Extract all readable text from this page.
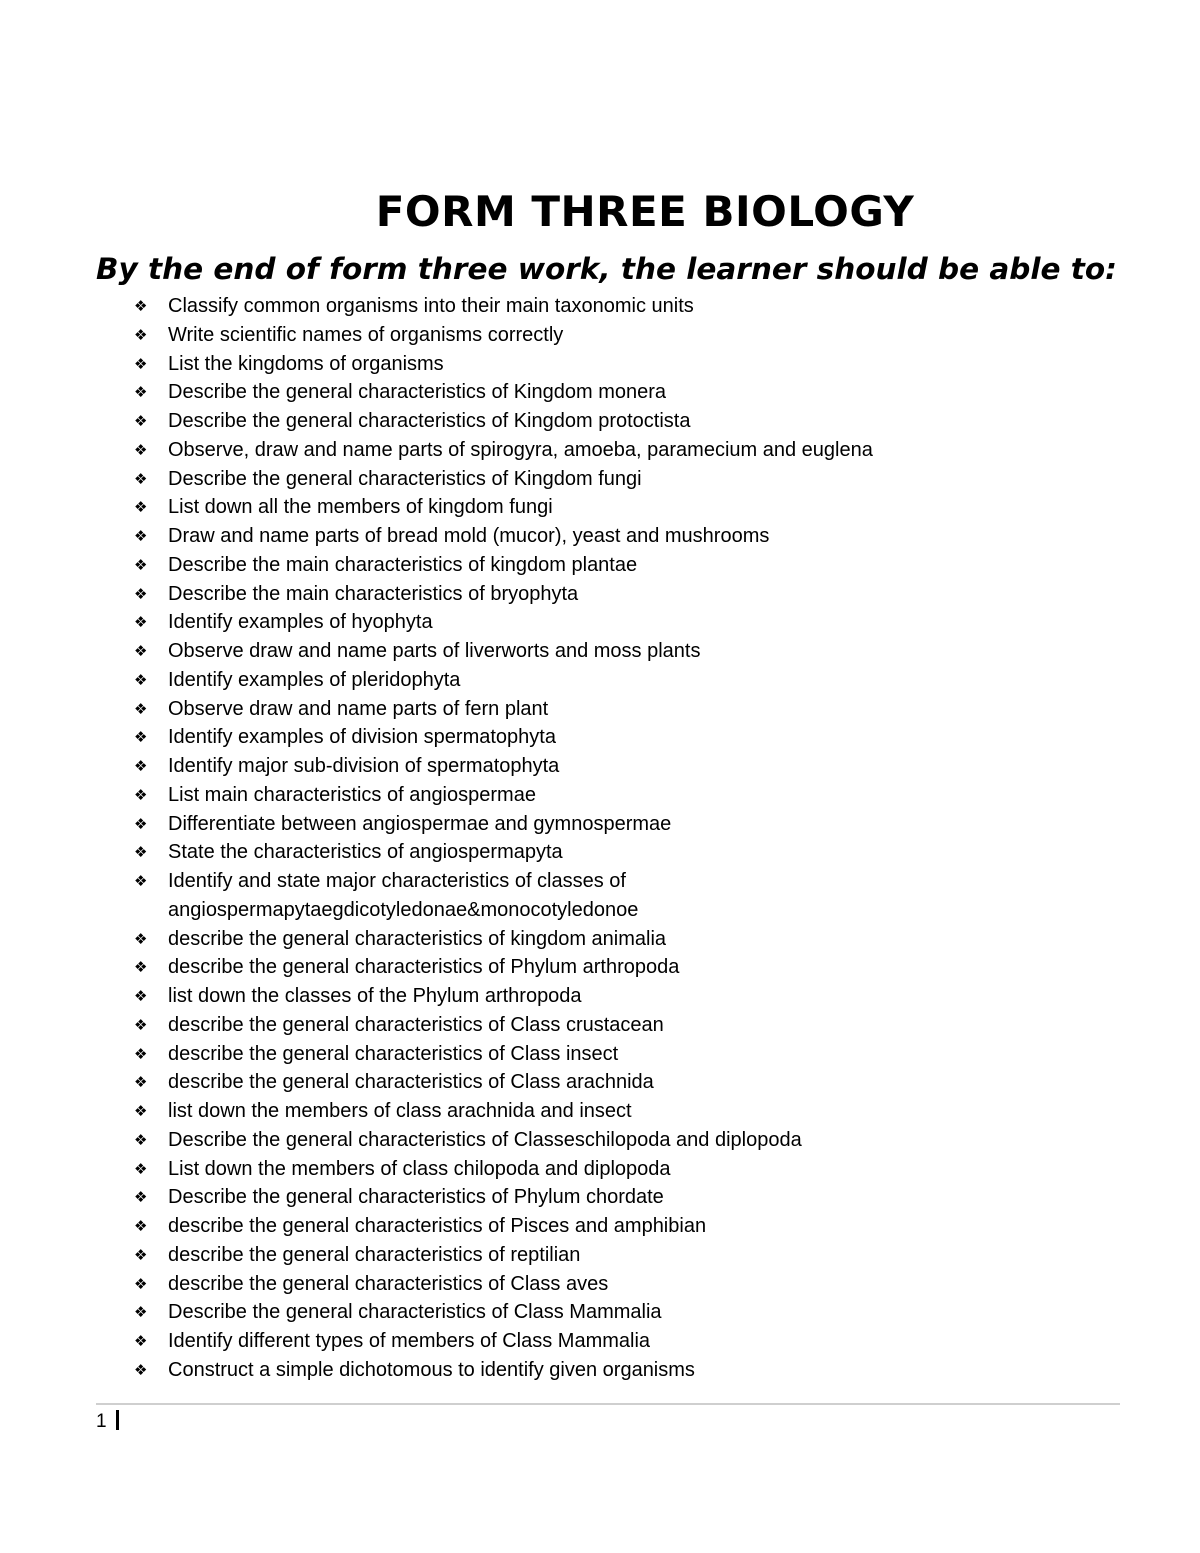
FORM THREE BIOLOGY
By the end of form three work, the learner should be able to:
❖	Classify common organisms into their main taxonomic units
❖	Write scientific names of organisms correctly
❖	List the kingdoms of organisms
❖	Describe the general characteristics of Kingdom monera
❖	Describe the general characteristics of Kingdom protoctista
❖	Observe, draw and name parts of spirogyra, amoeba, paramecium and euglena
❖	Describe the general characteristics of Kingdom fungi
❖	List down all the members of kingdom fungi
❖	Draw and name parts of bread mold (mucor), yeast and mushrooms
❖	Describe the main characteristics of kingdom plantae
❖	Describe the main characteristics of bryophyta
❖	Identify examples of hyophyta
❖	Observe draw and name parts of liverworts and moss plants
❖	Identify examples of pleridophyta
❖	Observe draw and name parts of fern plant
❖	Identify examples of division spermatophyta
❖	Identify major sub-division of spermatophyta
❖	List main characteristics of angiospermae
❖	Differentiate between angiospermae and gymnospermae
❖	State the characteristics of angiospermapyta
❖	Identify and state major characteristics of classes of
angiospermapytaegdicotyledonae&monocotyledonoe
❖	describe the general characteristics of kingdom animalia
❖	describe the general characteristics of Phylum arthropoda
❖	list down the classes of the Phylum arthropoda
❖	describe the general characteristics of Class crustacean
❖	describe the general characteristics of Class insect
❖	describe the general characteristics of Class arachnida
❖	list down the members of class arachnida and insect
❖	Describe the general characteristics of Classeschilopoda and diplopoda
❖	List down the members of class chilopoda and diplopoda
❖	Describe the general characteristics of Phylum chordate
❖	describe the general characteristics of Pisces and amphibian
❖	describe the general characteristics of reptilian
❖	describe the general characteristics of Class aves
❖	Describe the general characteristics of Class Mammalia
❖	Identify different types of members of Class Mammalia
❖	Construct a simple dichotomous to identify given organisms
1
